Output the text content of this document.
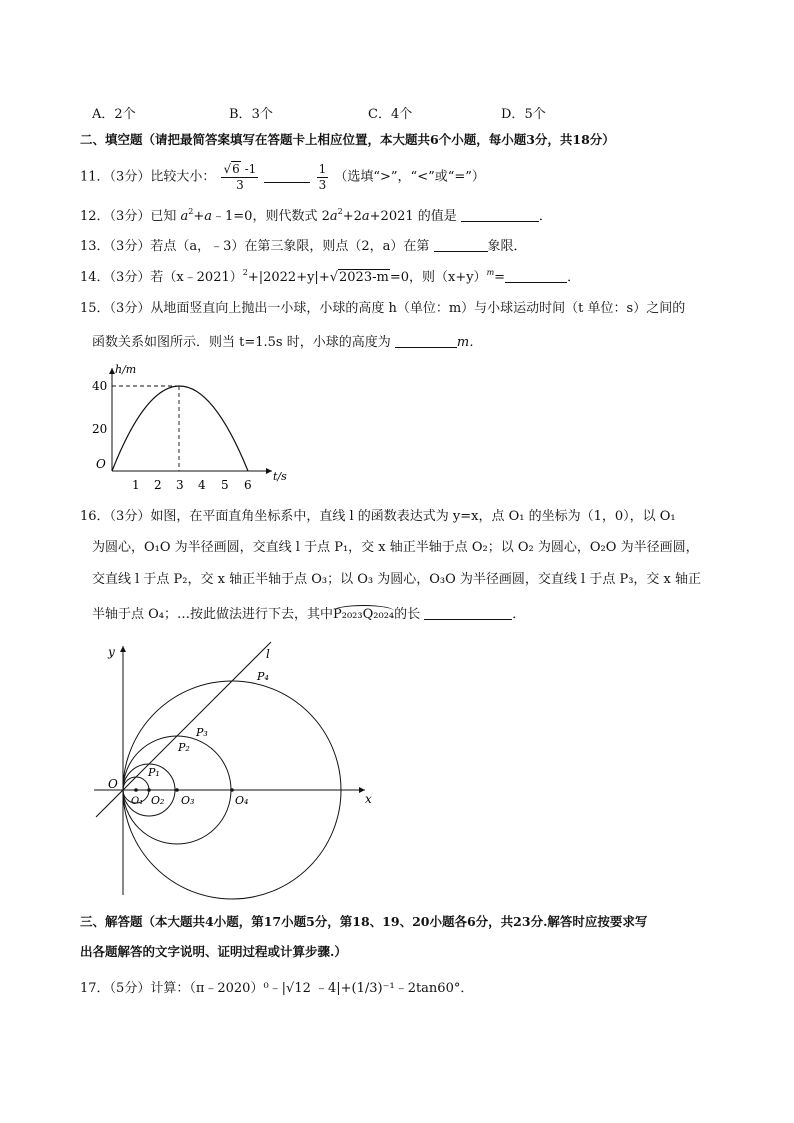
A．2个	B．3个	C．4个	D．5个
二、填空题（请把最简答案填写在答题卡上相应位置，本大题共6个小题，每小题3分，共18分）
11．（3分）比较大小： $\frac{√6 -1}{3}$
	$\frac{1}{3}$ （选填“>”，“<”或“=”）
12．（3分）已知 $a^2+a﹣1=0$，则代数式 $2a^2+2a+2021$ 的值是	．
13．（3分）若点（a，﹣3）在第三象限，则点（2，a）在第	象限．
14．（3分）若（x﹣2021）$^2$+|2022+y|+√2023-m=0，则$(x+y)^m=$	．
15．（3分）从地面竖直向上抛出一小球，小球的高度 h（单位：m）与小球运动时间（t 单位：s）之间的
函数关系如图所示．则当 t=1.5s 时，小球的高度为	m．
h/m
t/s
O
40
20
1 2 3 4 5 6
16．（3分）如图，在平面直角坐标系中，直线 l 的函数表达式为 y=x，点 O₁ 的坐标为（1，0），以 O₁
为圆心，O₁O 为半径画圆，交直线 l 于点 P₁，交 x 轴正半轴于点 O₂；以 O₂ 为圆心，O₂O 为半径画圆，
交直线 l 于点 P₂，交 x 轴正半轴于点 O₃；以 O₃ 为圆心，O₃O 为半径画圆，交直线 l 于点 P₃，交 x 轴正
半轴于点 O₄；…按此做法进行下去，其中P₂₀₂₃Q₂₀₂₄的长	．
y
x
l
O
P₁
P₂
P₃
P₄
O₁ O₂ O₃	O₄
三、解答题（本大题共4小题，第17小题5分，第18、19、20小题各6分，共23分.解答时应按要求写
出各题解答的文字说明、证明过程或计算步骤.）
17．（5分）计算：（π﹣2020）⁰﹣|√12 ﹣4|+(1/3)⁻¹﹣2tan60°．
